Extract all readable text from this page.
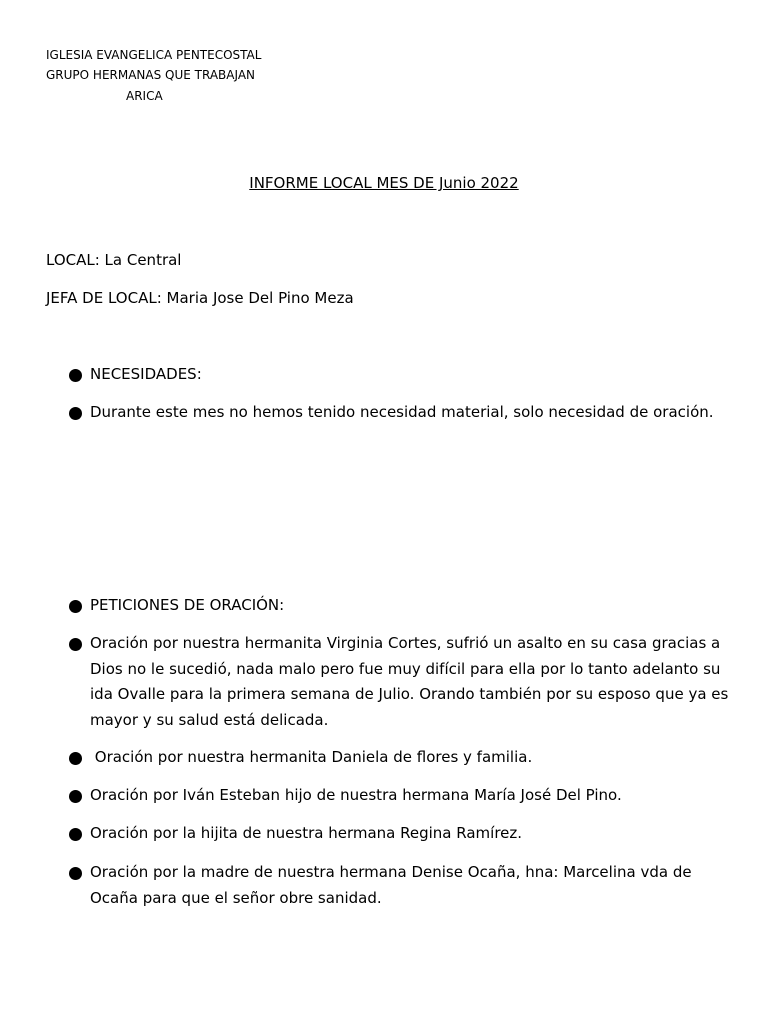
IGLESIA EVANGELICA PENTECOSTAL
GRUPO HERMANAS QUE TRABAJAN
ARICA
INFORME LOCAL MES DE Junio 2022
LOCAL: La Central
JEFA DE LOCAL: Maria Jose Del Pino Meza
NECESIDADES:
Durante este mes no hemos tenido necesidad material, solo necesidad de oración.
PETICIONES DE ORACIÓN:
Oración por nuestra hermanita Virginia Cortes, sufrió un asalto en su casa gracias a Dios no le sucedió, nada malo pero fue muy difícil para ella por lo tanto adelanto su ida Ovalle para la primera semana de Julio. Orando también por su esposo que ya es mayor y su salud está delicada.
Oración por nuestra hermanita Daniela de flores y familia.
Oración por Iván Esteban hijo de nuestra hermana María José Del Pino.
Oración por la hijita de nuestra hermana Regina Ramírez.
Oración por la madre de nuestra hermana Denise Ocaña, hna: Marcelina vda de Ocaña para que el señor obre sanidad.
